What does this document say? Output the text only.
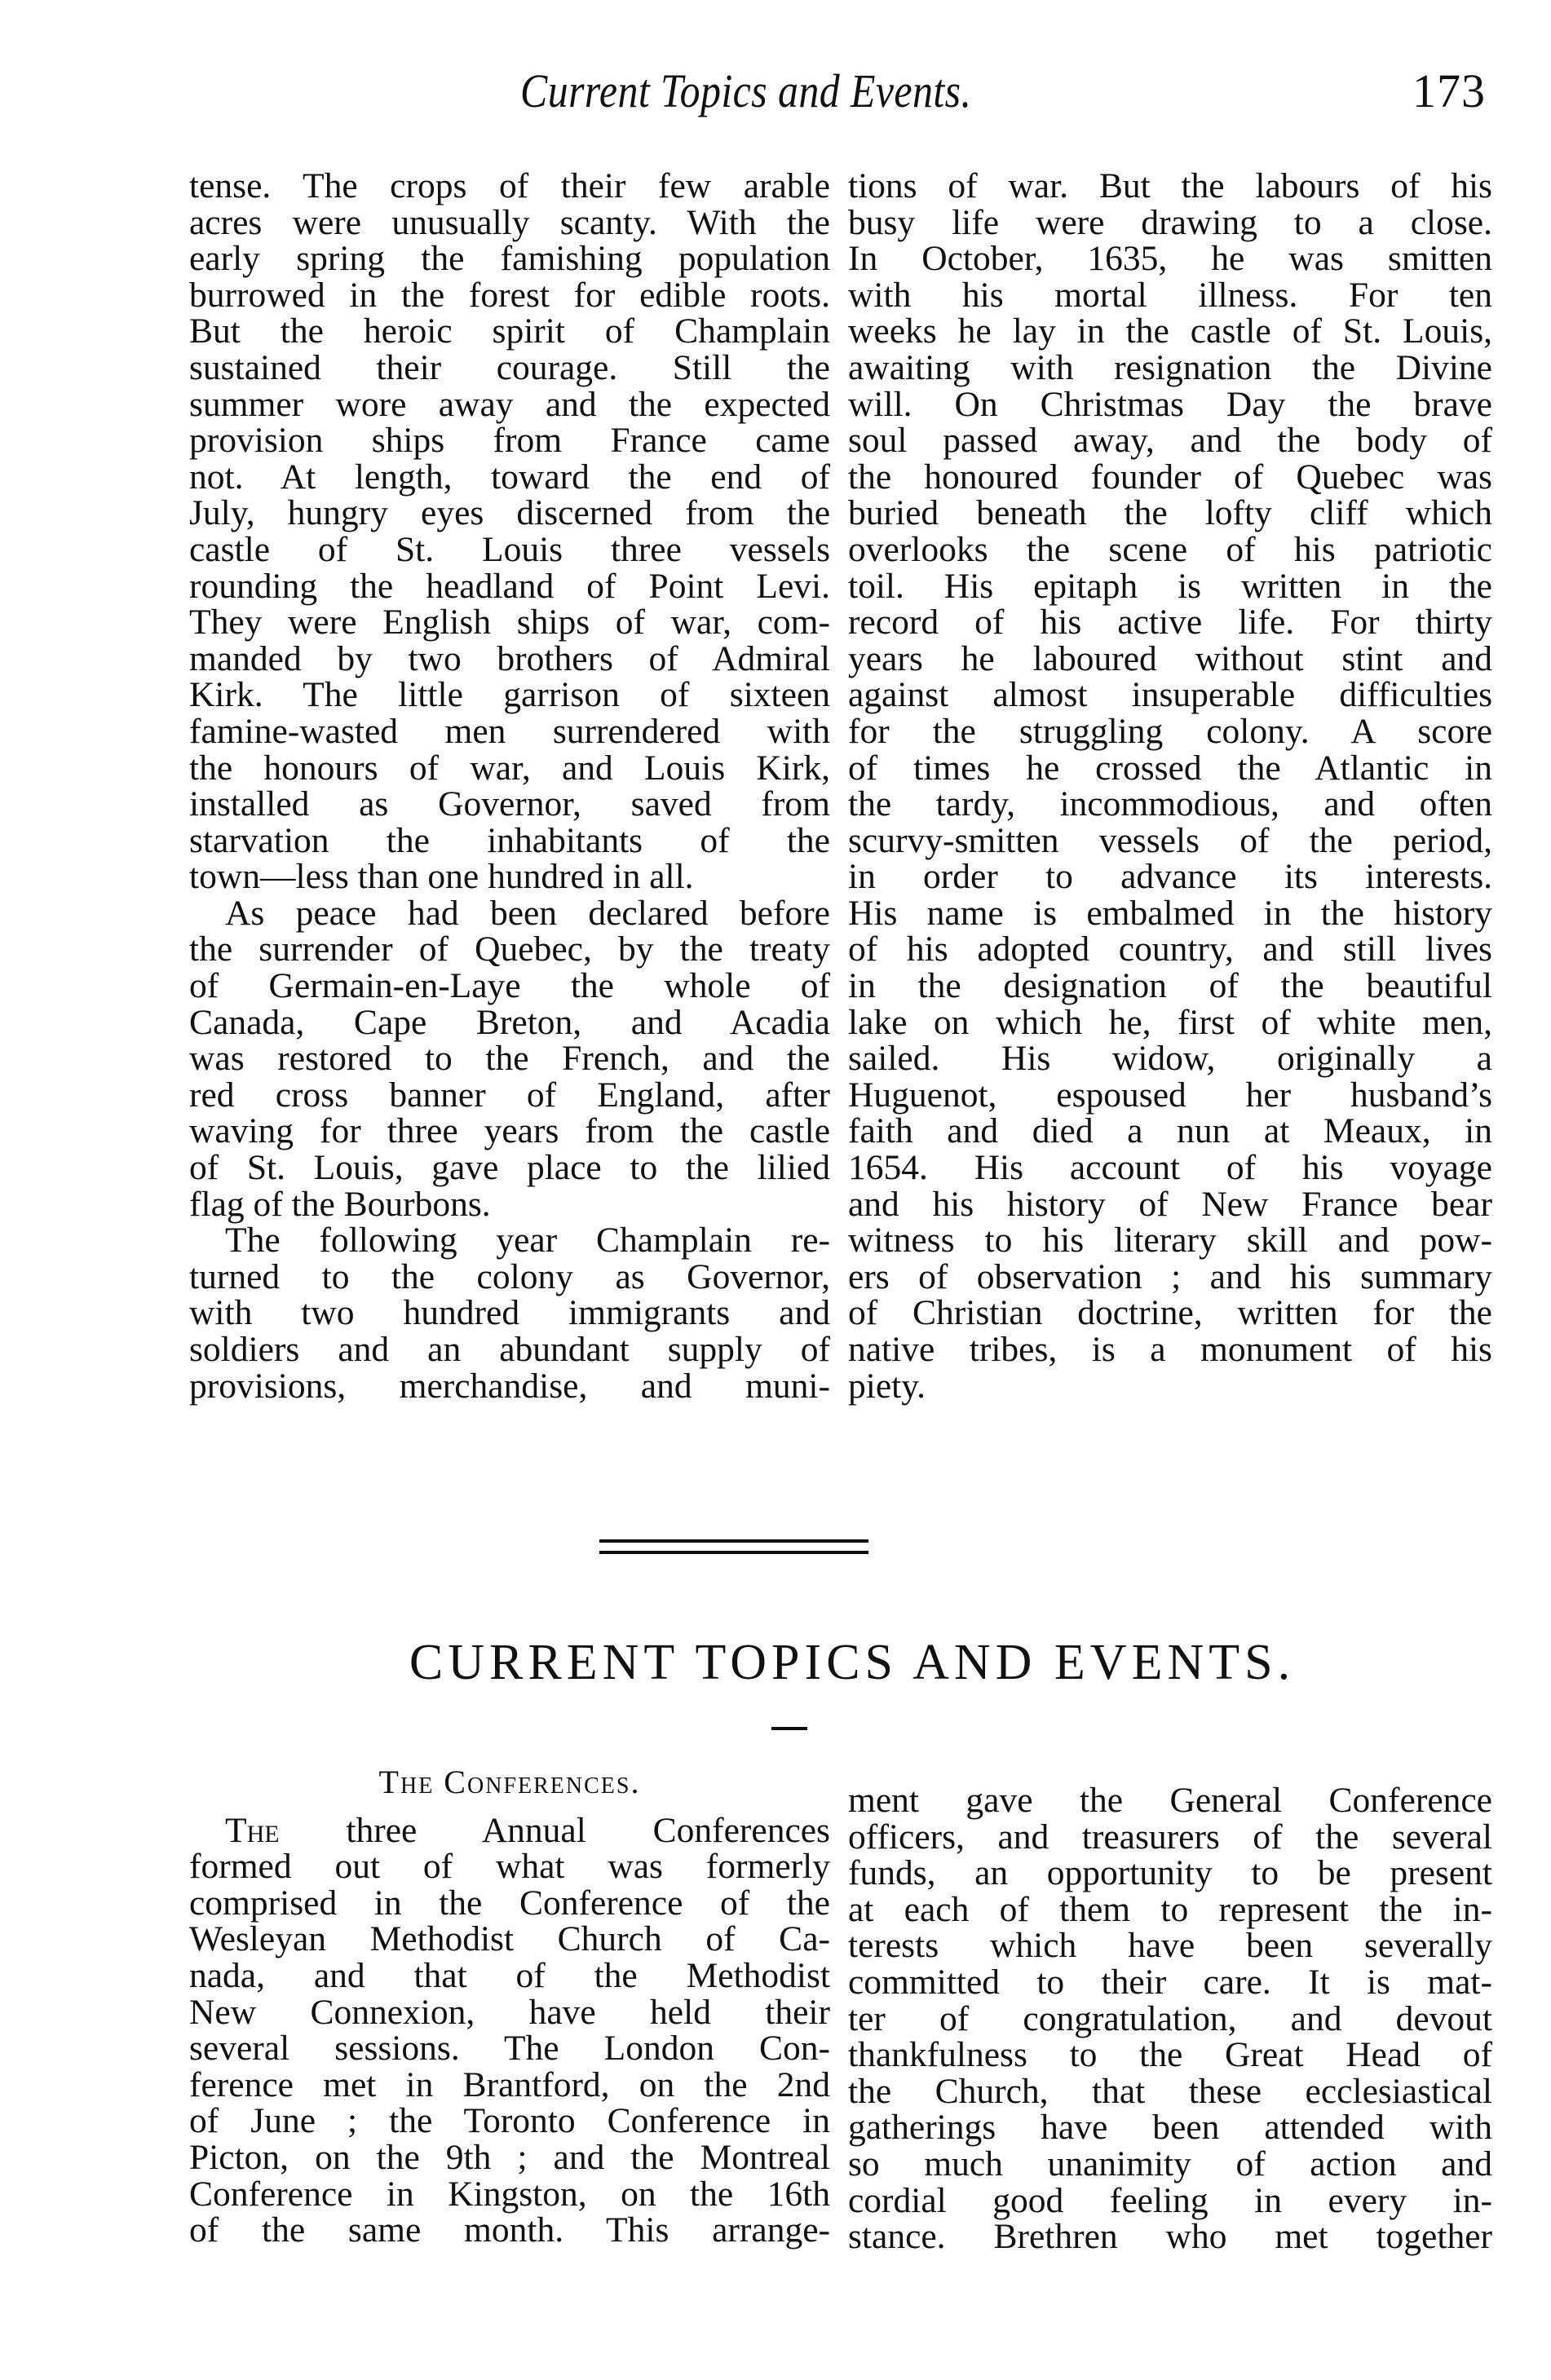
Current Topics and Events.	173
tense. The crops of their few arable
acres were unusually scanty. With the
early spring the famishing population
burrowed in the forest for edible roots.
But the heroic spirit of Champlain
sustained their courage. Still the
summer wore away and the expected
provision ships from France came
not. At length, toward the end of
July, hungry eyes discerned from the
castle of St. Louis three vessels
rounding the headland of Point Levi.
They were English ships of war, com-
manded by two brothers of Admiral
Kirk. The little garrison of sixteen
famine-wasted men surrendered with
the honours of war, and Louis Kirk,
installed as Governor, saved from
starvation the inhabitants of the
town—less than one hundred in all.
As peace had been declared before
the surrender of Quebec, by the treaty
of Germain-en-Laye the whole of
Canada, Cape Breton, and Acadia
was restored to the French, and the
red cross banner of England, after
waving for three years from the castle
of St. Louis, gave place to the lilied
flag of the Bourbons.
The following year Champlain re-
turned to the colony as Governor,
with two hundred immigrants and
soldiers and an abundant supply of
provisions, merchandise, and muni-
tions of war. But the labours of his
busy life were drawing to a close.
In October, 1635, he was smitten
with his mortal illness. For ten
weeks he lay in the castle of St. Louis,
awaiting with resignation the Divine
will. On Christmas Day the brave
soul passed away, and the body of
the honoured founder of Quebec was
buried beneath the lofty cliff which
overlooks the scene of his patriotic
toil. His epitaph is written in the
record of his active life. For thirty
years he laboured without stint and
against almost insuperable difficulties
for the struggling colony. A score
of times he crossed the Atlantic in
the tardy, incommodious, and often
scurvy-smitten vessels of the period,
in order to advance its interests.
His name is embalmed in the history
of his adopted country, and still lives
in the designation of the beautiful
lake on which he, first of white men,
sailed. His widow, originally a
Huguenot, espoused her husband’s
faith and died a nun at Meaux, in
1654. His account of his voyage
and his history of New France bear
witness to his literary skill and pow-
ers of observation ; and his summary
of Christian doctrine, written for the
native tribes, is a monument of his
piety.
CURRENT TOPICS AND EVENTS.
The Conferences.
The three Annual Conferences
formed out of what was formerly
comprised in the Conference of the
Wesleyan Methodist Church of Ca-
nada, and that of the Methodist
New Connexion, have held their
several sessions. The London Con-
ference met in Brantford, on the 2nd
of June ; the Toronto Conference in
Picton, on the 9th ; and the Montreal
Conference in Kingston, on the 16th
of the same month. This arrange-
ment gave the General Conference
officers, and treasurers of the several
funds, an opportunity to be present
at each of them to represent the in-
terests which have been severally
committed to their care. It is mat-
ter of congratulation, and devout
thankfulness to the Great Head of
the Church, that these ecclesiastical
gatherings have been attended with
so much unanimity of action and
cordial good feeling in every in-
stance. Brethren who met together
